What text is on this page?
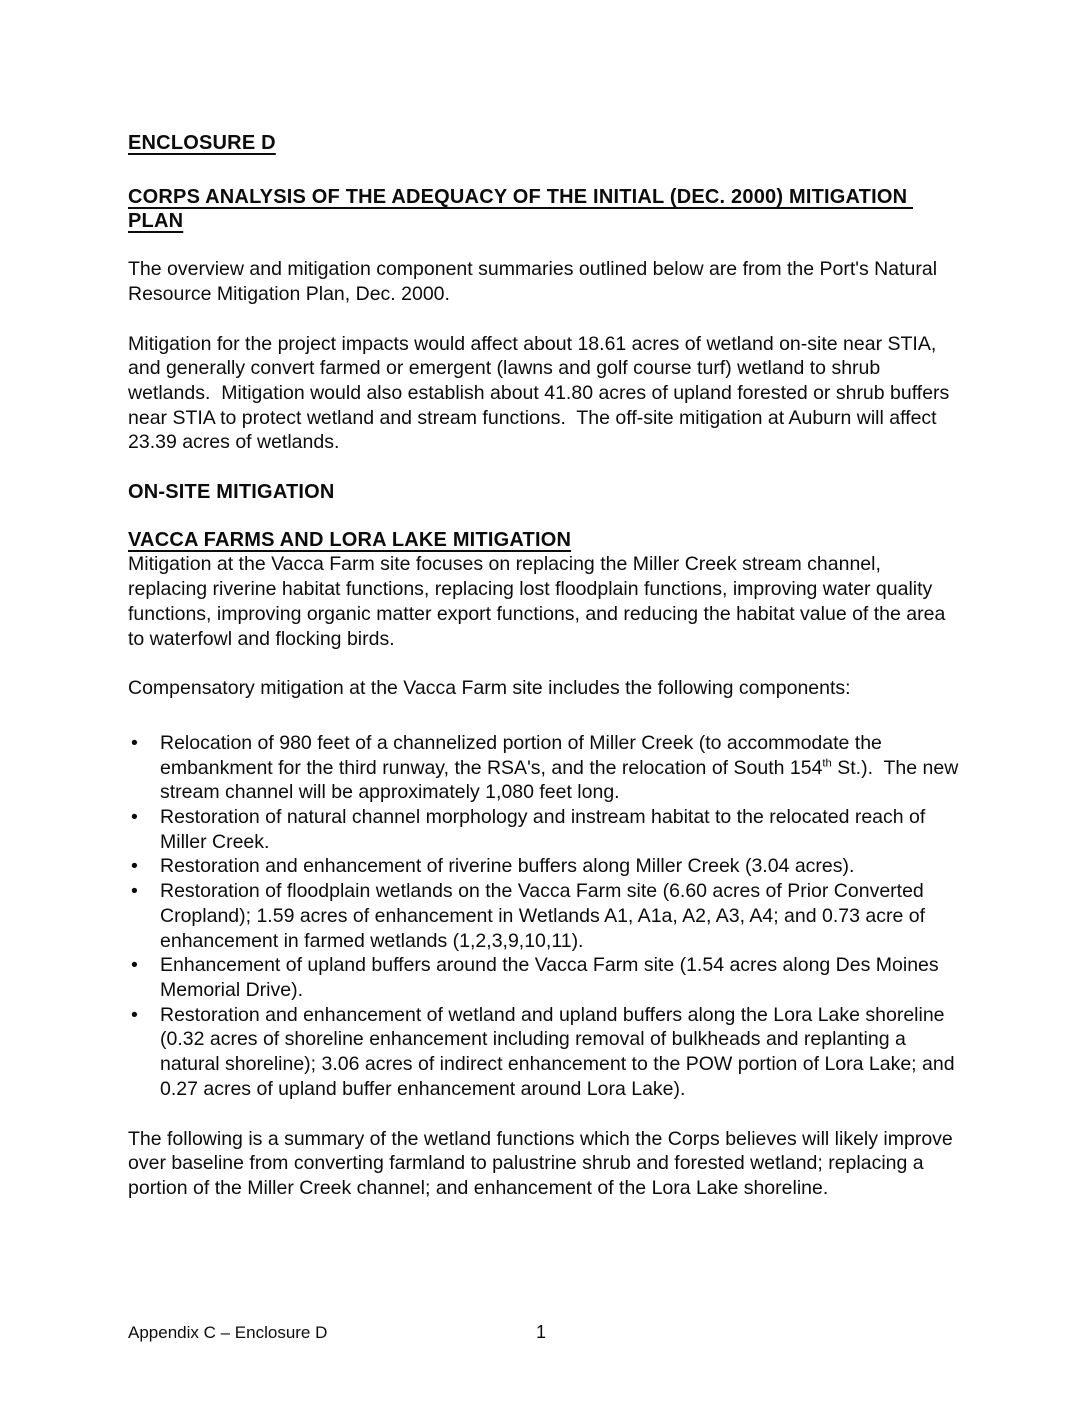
ENCLOSURE D
CORPS ANALYSIS OF THE ADEQUACY OF THE INITIAL (DEC. 2000) MITIGATION
PLAN

The overview and mitigation component summaries outlined below are from the Port's Natural Resource Mitigation Plan, Dec. 2000.

Mitigation for the project impacts would affect about 18.61 acres of wetland on-site near STIA, and generally convert farmed or emergent (lawns and golf course turf) wetland to shrub wetlands.  Mitigation would also establish about 41.80 acres of upland forested or shrub buffers near STIA to protect wetland and stream functions.  The off-site mitigation at Auburn will affect 23.39 acres of wetlands.

ON-SITE MITIGATION
VACCA FARMS AND LORA LAKE MITIGATION

Mitigation at the Vacca Farm site focuses on replacing the Miller Creek stream channel, replacing riverine habitat functions, replacing lost floodplain functions, improving water quality functions, improving organic matter export functions, and reducing the habitat value of the area to waterfowl and flocking birds.

Compensatory mitigation at the Vacca Farm site includes the following components:

• Relocation of 980 feet of a channelized portion of Miller Creek (to accommodate the embankment for the third runway, the RSA's, and the relocation of South 154th St.).  The new stream channel will be approximately 1,080 feet long.
• Restoration of natural channel morphology and instream habitat to the relocated reach of Miller Creek.
• Restoration and enhancement of riverine buffers along Miller Creek (3.04 acres).
• Restoration of floodplain wetlands on the Vacca Farm site (6.60 acres of Prior Converted Cropland); 1.59 acres of enhancement in Wetlands A1, A1a, A2, A3, A4; and 0.73 acre of enhancement in farmed wetlands (1,2,3,9,10,11).
• Enhancement of upland buffers around the Vacca Farm site (1.54 acres along Des Moines Memorial Drive).
• Restoration and enhancement of wetland and upland buffers along the Lora Lake shoreline (0.32 acres of shoreline enhancement including removal of bulkheads and replanting a natural shoreline); 3.06 acres of indirect enhancement to the POW portion of Lora Lake; and 0.27 acres of upland buffer enhancement around Lora Lake).

The following is a summary of the wetland functions which the Corps believes will likely improve over baseline from converting farmland to palustrine shrub and forested wetland; replacing a portion of the Miller Creek channel; and enhancement of the Lora Lake shoreline.

Appendix C – Enclosure D	1
